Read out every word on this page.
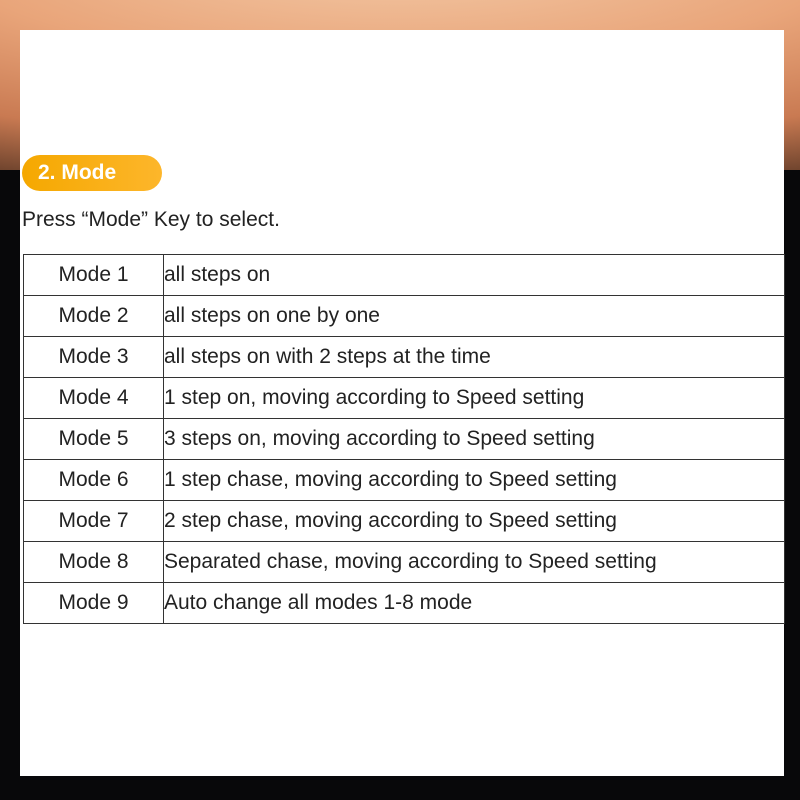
2. Mode
Press “Mode” Key to select.
Mode 1	all steps on
Mode 2	all steps on one by one
Mode 3	all steps on with 2 steps at the time
Mode 4	1 step on, moving according to Speed setting
Mode 5	3 steps on, moving according to Speed setting
Mode 6	1 step chase, moving according to Speed setting
Mode 7	2 step chase, moving according to Speed setting
Mode 8	Separated chase, moving according to Speed setting
Mode 9	Auto change all modes 1-8 mode
